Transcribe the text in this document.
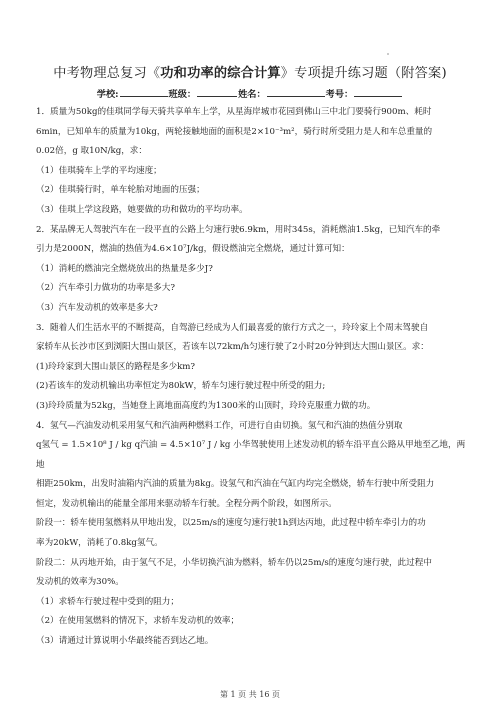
中考物理总复习《功和功率的综合计算》专项提升练习题（附答案)
学校:	班级：	姓名：	考号：

1．质量为50kg的佳琪同学每天骑共享单车上学，从星海岸城市花园到佛山三中北门要骑行900m、耗时

6min，已知单车的质量为10kg，两轮接触地面的面积是2×10⁻³m²，骑行时所受阻力是人和车总重量的

0.02倍，g 取10N/kg，求：

（1）佳琪骑车上学的平均速度；

（2）佳琪骑行时，单车轮胎对地面的压强；

（3）佳琪上学这段路，她要做的功和做功的平均功率。

2．某品牌无人驾驶汽车在一段平直的公路上匀速行驶6.9km，用时345s，消耗燃油1.5kg，已知汽车的牵

引力是2000N，燃油的热值为4.6×10⁷J/kg，假设燃油完全燃烧，通过计算可知：

（1）消耗的燃油完全燃烧放出的热量是多少J?

（2）汽车牵引力做功的功率是多大?

（3）汽车发动机的效率是多大?

3．随着人们生活水平的不断提高，自驾游已经成为人们最喜爱的旅行方式之一，玲玲家上个周末驾驶自

家轿车从长沙市区到浏阳大围山景区，若该车以72km/h匀速行驶了2小时20分钟到达大围山景区。求：

(1)玲玲家到大围山景区的路程是多少km?

(2)若该车的发动机输出功率恒定为80kW，轿车匀速行驶过程中所受的阻力;

(3)玲玲质量为52kg，当她登上离地面高度约为1300米的山顶时，玲玲克服重力做的功。

4．氢气—汽油发动机采用氢气和汽油两种燃料工作，可进行自由切换。氢气和汽油的热值分别取

q氢气 = 1.5×10⁸ J / kg q汽油 = 4.5×10⁷ J / kg 小华驾驶使用上述发动机的轿车沿平直公路从甲地至乙地，两地

相距250km，出发时油箱内汽油的质量为8kg。设氢气和汽油在气缸内均完全燃烧，轿车行驶中所受阻力

恒定，发动机输出的能量全部用来驱动轿车行驶。全程分两个阶段，如图所示。

阶段一：轿车使用氢燃料从甲地出发，以25m/s的速度匀速行驶1h到达丙地，此过程中轿车牵引力的功

率为20kW，消耗了0.8kg氢气。

阶段二：从丙地开始，由于氢气不足，小华切换汽油为燃料，轿车仍以25m/s的速度匀速行驶，此过程中

发动机的效率为30%。

（1）求轿车行驶过程中受到的阻力；

（2）在使用氢燃料的情况下，求轿车发动机的效率；

（3）请通过计算说明小华最终能否到达乙地。

第 1 页 共 16 页
